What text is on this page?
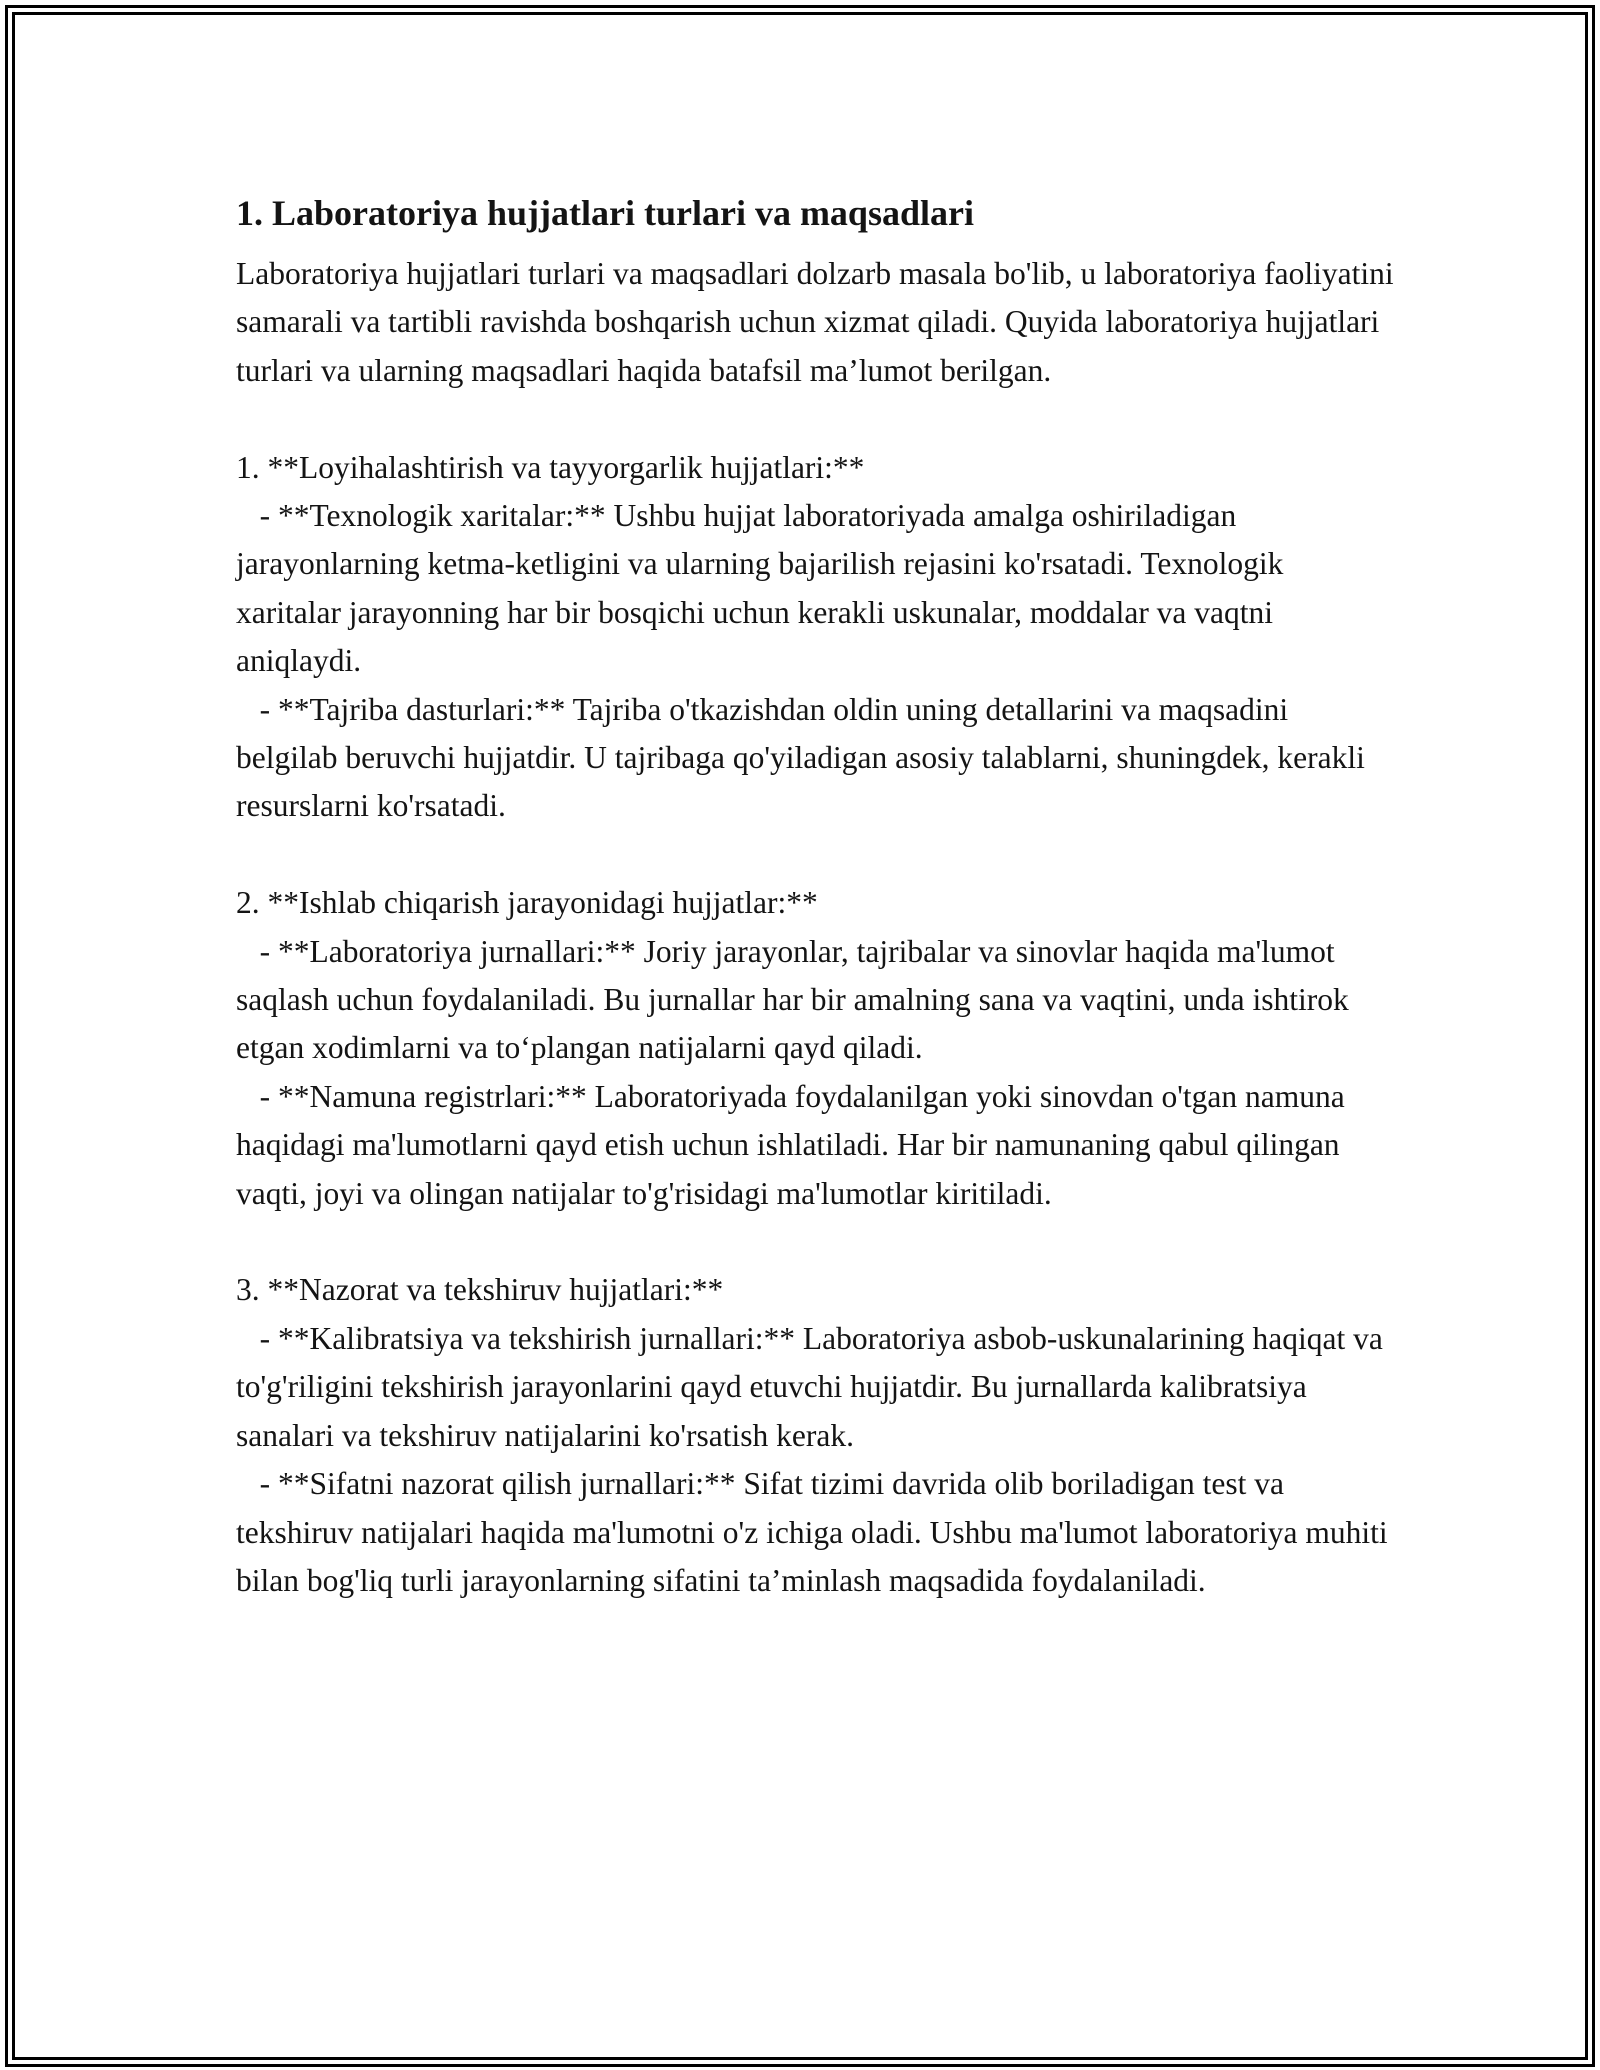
1. Laboratoriya hujjatlari turlari va maqsadlari

Laboratoriya hujjatlari turlari va maqsadlari dolzarb masala bo'lib, u laboratoriya faoliyatini samarali va tartibli ravishda boshqarish uchun xizmat qiladi. Quyida laboratoriya hujjatlari turlari va ularning maqsadlari haqida batafsil ma’lumot berilgan.

1. **Loyihalashtirish va tayyorgarlik hujjatlari:**

- **Texnologik xaritalar:** Ushbu hujjat laboratoriyada amalga oshiriladigan jarayonlarning ketma-ketligini va ularning bajarilish rejasini ko'rsatadi. Texnologik xaritalar jarayonning har bir bosqichi uchun kerakli uskunalar, moddalar va vaqtni aniqlaydi.

- **Tajriba dasturlari:** Tajriba o'tkazishdan oldin uning detallarini va maqsadini belgilab beruvchi hujjatdir. U tajribaga qo'yiladigan asosiy talablarni, shuningdek, kerakli resurslarni ko'rsatadi.

2. **Ishlab chiqarish jarayonidagi hujjatlar:**

- **Laboratoriya jurnallari:** Joriy jarayonlar, tajribalar va sinovlar haqida ma'lumot saqlash uchun foydalaniladi. Bu jurnallar har bir amalning sana va vaqtini, unda ishtirok etgan xodimlarni va to‘plangan natijalarni qayd qiladi.

- **Namuna registrlari:** Laboratoriyada foydalanilgan yoki sinovdan o'tgan namuna haqidagi ma'lumotlarni qayd etish uchun ishlatiladi. Har bir namunaning qabul qilingan vaqti, joyi va olingan natijalar to'g'risidagi ma'lumotlar kiritiladi.

3. **Nazorat va tekshiruv hujjatlari:**

- **Kalibratsiya va tekshirish jurnallari:** Laboratoriya asbob-uskunalarining haqiqat va to'g'riligini tekshirish jarayonlarini qayd etuvchi hujjatdir. Bu jurnallarda kalibratsiya sanalari va tekshiruv natijalarini ko'rsatish kerak.

- **Sifatni nazorat qilish jurnallari:** Sifat tizimi davrida olib boriladigan test va tekshiruv natijalari haqida ma'lumotni o'z ichiga oladi. Ushbu ma'lumot laboratoriya muhiti bilan bog'liq turli jarayonlarning sifatini ta’minlash maqsadida foydalaniladi.
